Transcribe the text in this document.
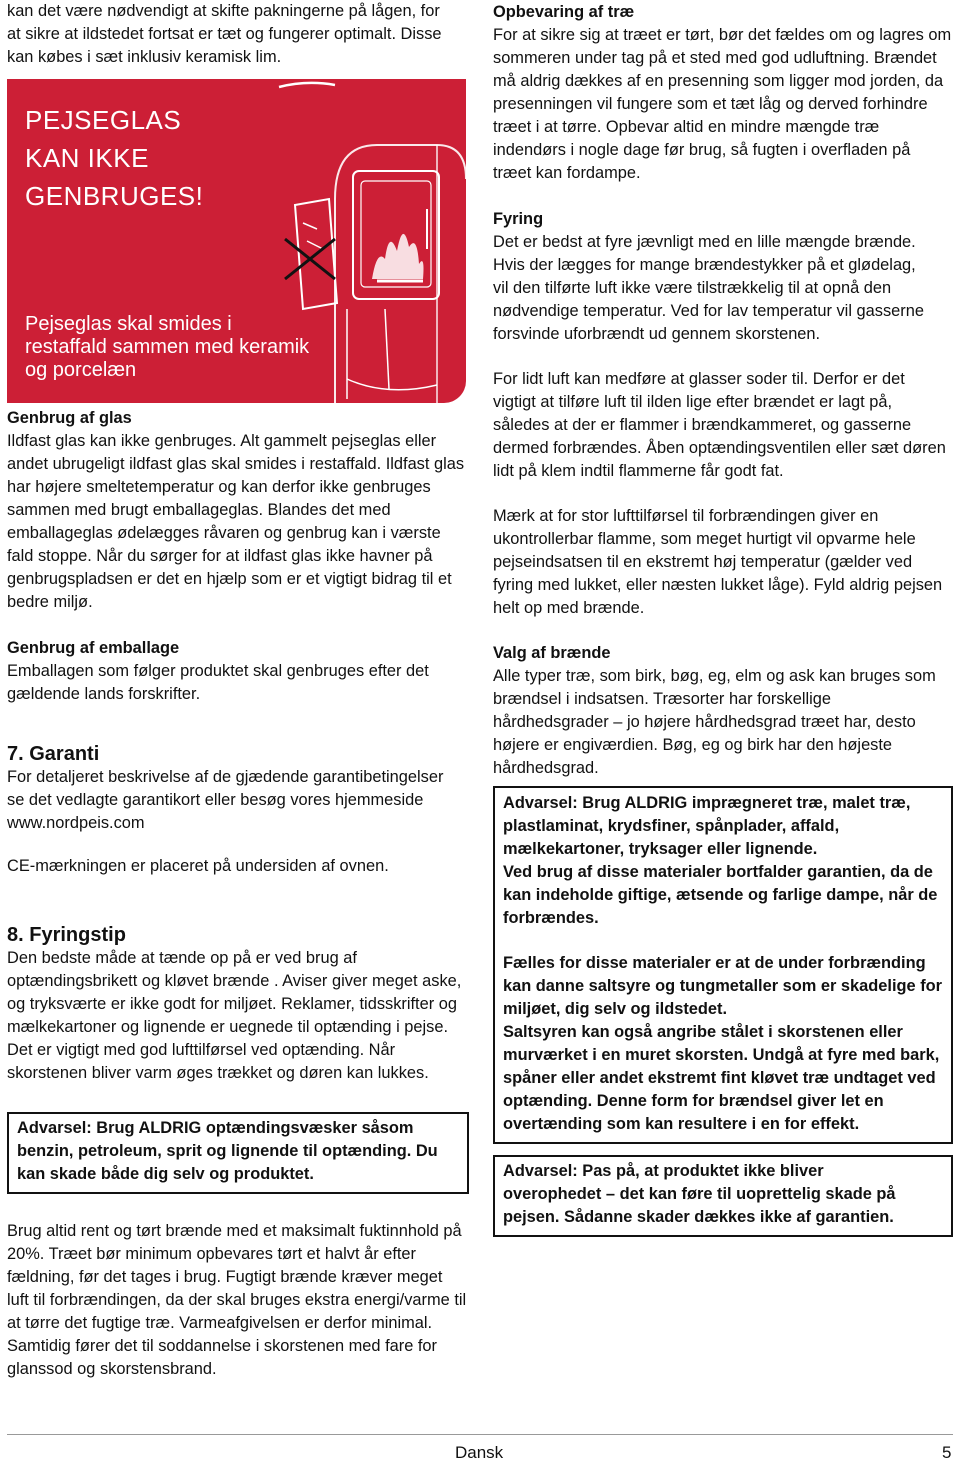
kan det være nødvendigt at skifte pakningerne på lågen, for at sikre at ildstedet fortsat er tæt og fungerer optimalt. Disse kan købes i sæt inklusiv keramisk lim.

PEJSEGLAS
KAN IKKE
GENBRUGES!
Pejseglas skal smides i restaffald sammen med keramik og porcelæn

Genbrug af glas

Ildfast glas kan ikke genbruges. Alt gammelt pejseglas eller andet ubrugeligt ildfast glas skal smides i restaffald. Ildfast glas har højere smeltetemperatur og kan derfor ikke genbruges sammen med brugt emballageglas. Blandes det med emballageglas ødelægges råvaren og genbrug kan i værste fald stoppe. Når du sørger for at ildfast glas ikke havner på genbrugspladsen er det en hjælp som er et vigtigt bidrag til et bedre miljø.

Genbrug af emballage

Emballagen som følger produktet skal genbruges efter det gældende lands forskrifter.

7. Garanti

For detaljeret beskrivelse af de gjædende garantibetingelser se det vedlagte garantikort eller besøg vores hjemmeside www.nordpeis.com

CE-mærkningen er placeret på undersiden af ovnen.

8. Fyringstip

Den bedste måde at tænde op på er ved brug af optændingsbrikett og kløvet brænde . Aviser giver meget aske, og tryksværte er ikke godt for miljøet. Reklamer, tidsskrifter og mælkekartoner og lignende er uegnede til optænding i pejse. Det er vigtigt med god lufttilførsel ved optænding. Når skorstenen bliver varm øges trækket og døren kan lukkes.

Advarsel: Brug ALDRIG optændingsvæsker såsom benzin, petroleum, sprit og lignende til optænding. Du kan skade både dig selv og produktet.

Brug altid rent og tørt brænde med et maksimalt fuktinnhold på 20%. Træet bør minimum opbevares tørt et halvt år efter fældning, før det tages i brug. Fugtigt brænde kræver meget luft til forbrændingen, da der skal bruges ekstra energi/varme til at tørre det fugtige træ. Varmeafgivelsen er derfor minimal. Samtidig fører det til soddannelse i skorstenen med fare for glanssod og skorstensbrand.

Opbevaring af træ

For at sikre sig at træet er tørt, bør det fældes om og lagres om sommeren under tag på et sted med god udluftning. Brændet må aldrig dækkes af en presenning som ligger mod jorden, da presenningen vil fungere som et tæt låg og derved forhindre træet i at tørre. Opbevar altid en mindre mængde træ indendørs i nogle dage før brug, så fugten i overfladen på træet kan fordampe.

Fyring

Det er bedst at fyre jævnligt med en lille mængde brænde. Hvis der lægges for mange brændestykker på et glødelag, vil den tilførte luft ikke være tilstrækkelig til at opnå den nødvendige temperatur. Ved for lav temperatur vil gasserne forsvinde uforbrændt ud gennem skorstenen.

For lidt luft kan medføre at glasser soder til. Derfor er det vigtigt at tilføre luft til ilden lige efter brændet er lagt på, således at der er flammer i brændkammeret, og gasserne dermed forbrændes. Åben optændingsventilen eller sæt døren lidt på klem indtil flammerne får godt fat.

Mærk at for stor lufttilførsel til forbrændingen giver en ukontrollerbar flamme, som meget hurtigt vil opvarme hele pejseindsatsen til en ekstremt høj temperatur (gælder ved fyring med lukket, eller næsten lukket låge). Fyld aldrig pejsen helt op med brænde.

Valg af brænde

Alle typer træ, som birk, bøg, eg, elm og ask kan bruges som brændsel i indsatsen. Træsorter har forskellige hårdhedsgrader – jo højere hårdhedsgrad træet har, desto højere er engiværdien. Bøg, eg og birk har den højeste hårdhedsgrad.

Advarsel: Brug ALDRIG imprægneret træ, malet træ, plastlaminat, krydsfiner, spånplader, affald, mælkekartoner, tryksager eller lignende.

Ved brug af disse materialer bortfalder garantien, da de kan indeholde giftige, ætsende og farlige dampe, når de forbrændes.

Fælles for disse materialer er at de under forbrænding kan danne saltsyre og tungmetaller som er skadelige for miljøet, dig selv og ildstedet.

Saltsyren kan også angribe stålet i skorstenen eller murværket i en muret skorsten. Undgå at fyre med bark, spåner eller andet ekstremt fint kløvet træ undtaget ved optænding. Denne form for brændsel giver let en overtænding som kan resultere i en for effekt.

Advarsel: Pas på, at produktet ikke bliver overophedet – det kan føre til uoprettelig skade på pejsen. Sådanne skader dækkes ikke af garantien.

Dansk	5
